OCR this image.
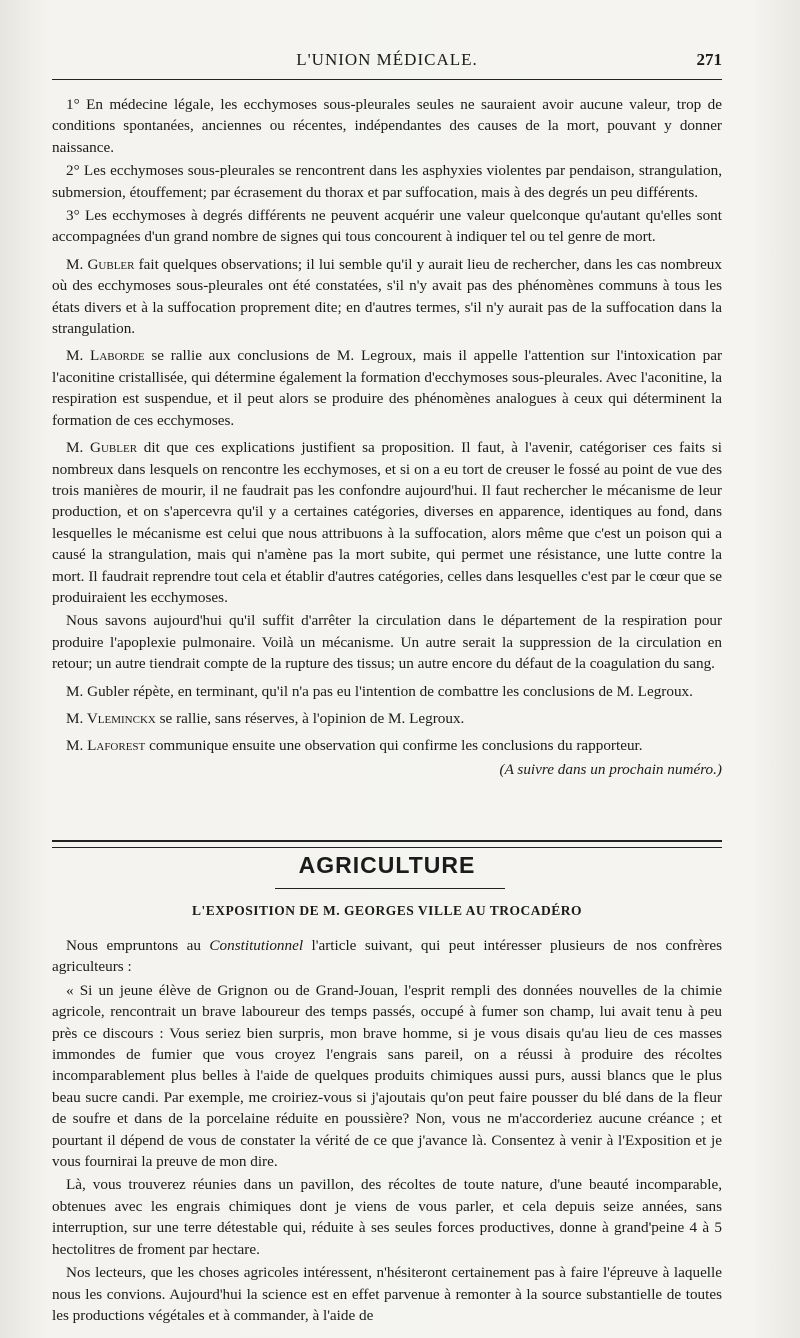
L'UNION MÉDICALE.	271

1° En médecine légale, les ecchymoses sous-pleurales seules ne sauraient avoir aucune valeur, trop de conditions spontanées, anciennes ou récentes, indépendantes des causes de la mort, pouvant y donner naissance.

2° Les ecchymoses sous-pleurales se rencontrent dans les asphyxies violentes par pendaison, strangulation, submersion, étouffement; par écrasement du thorax et par suffocation, mais à des degrés un peu différents.

3° Les ecchymoses à degrés différents ne peuvent acquérir une valeur quelconque qu'autant qu'elles sont accompagnées d'un grand nombre de signes qui tous concourent à indiquer tel ou tel genre de mort.

M. Gubler fait quelques observations; il lui semble qu'il y aurait lieu de rechercher, dans les cas nombreux où des ecchymoses sous-pleurales ont été constatées, s'il n'y avait pas des phénomènes communs à tous les états divers et à la suffocation proprement dite; en d'autres termes, s'il n'y aurait pas de la suffocation dans la strangulation.

M. Laborde se rallie aux conclusions de M. Legroux, mais il appelle l'attention sur l'intoxication par l'aconitine cristallisée, qui détermine également la formation d'ecchymoses sous-pleurales. Avec l'aconitine, la respiration est suspendue, et il peut alors se produire des phénomènes analogues à ceux qui déterminent la formation de ces ecchymoses.

M. Gubler dit que ces explications justifient sa proposition. Il faut, à l'avenir, catégoriser ces faits si nombreux dans lesquels on rencontre les ecchymoses, et si on a eu tort de creuser le fossé au point de vue des trois manières de mourir, il ne faudrait pas les confondre aujourd'hui. Il faut rechercher le mécanisme de leur production, et on s'apercevra qu'il y a certaines catégories, diverses en apparence, identiques au fond, dans lesquelles le mécanisme est celui que nous attribuons à la suffocation, alors même que c'est un poison qui a causé la strangulation, mais qui n'amène pas la mort subite, qui permet une résistance, une lutte contre la mort. Il faudrait reprendre tout cela et établir d'autres catégories, celles dans lesquelles c'est par le cœur que se produiraient les ecchymoses.

Nous savons aujourd'hui qu'il suffit d'arrêter la circulation dans le département de la respiration pour produire l'apoplexie pulmonaire. Voilà un mécanisme. Un autre serait la suppression de la circulation en retour; un autre tiendrait compte de la rupture des tissus; un autre encore du défaut de la coagulation du sang.

M. Gubler répète, en terminant, qu'il n'a pas eu l'intention de combattre les conclusions de M. Legroux.

M. Vleminckx se rallie, sans réserves, à l'opinion de M. Legroux.

M. Laforest communique ensuite une observation qui confirme les conclusions du rapporteur.

(A suivre dans un prochain numéro.)

AGRICULTURE
L'EXPOSITION DE M. GEORGES VILLE AU TROCADÉRO

Nous empruntons au Constitutionnel l'article suivant, qui peut intéresser plusieurs de nos confrères agriculteurs :

« Si un jeune élève de Grignon ou de Grand-Jouan, l'esprit rempli des données nouvelles de la chimie agricole, rencontrait un brave laboureur des temps passés, occupé à fumer son champ, lui avait tenu à peu près ce discours : Vous seriez bien surpris, mon brave homme, si je vous disais qu'au lieu de ces masses immondes de fumier que vous croyez l'engrais sans pareil, on a réussi à produire des récoltes incomparablement plus belles à l'aide de quelques produits chimiques aussi purs, aussi blancs que le plus beau sucre candi. Par exemple, me croiriez-vous si j'ajoutais qu'on peut faire pousser du blé dans de la fleur de soufre et dans de la porcelaine réduite en poussière? Non, vous ne m'accorderiez aucune créance ; et pourtant il dépend de vous de constater la vérité de ce que j'avance là. Consentez à venir à l'Exposition et je vous fournirai la preuve de mon dire.

Là, vous trouverez réunies dans un pavillon, des récoltes de toute nature, d'une beauté incomparable, obtenues avec les engrais chimiques dont je viens de vous parler, et cela depuis seize années, sans interruption, sur une terre détestable qui, réduite à ses seules forces productives, donne à grand'peine 4 à 5 hectolitres de froment par hectare.

Nos lecteurs, que les choses agricoles intéressent, n'hésiteront certainement pas à faire l'épreuve à laquelle nous les convions. Aujourd'hui la science est en effet parvenue à remonter à la source substantielle de toutes les productions végétales et à commander, à l'aide de
